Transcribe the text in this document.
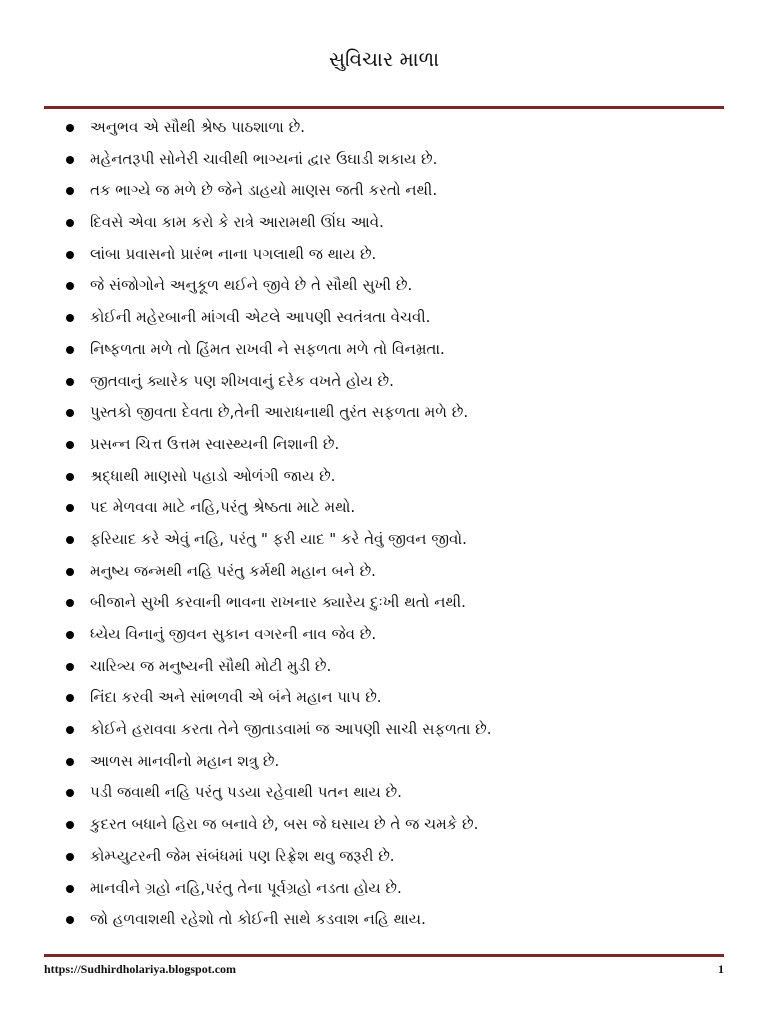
સુવિચાર માળા
અનુભવ એ સૌથી શ્રેષ્ઠ પાઠશાળા છે.
મહેનતરૂપી સોનેરી ચાવીથી ભાગ્યનાં દ્વાર ઉઘાડી શકાય છે.
તક ભાગ્યે જ મળે છે જેને ડાહયો માણસ જતી કરતો નથી.
દિવસે એવા કામ કરો કે રાત્રે આરામથી ઊંઘ આવે.
લાંબા પ્રવાસનો પ્રારંભ નાના પગલાથી જ થાય છે.
જે સંજોગોને અનુકૂળ થઈને જીવે છે તે સૌથી સુખી છે.
કોઈની મહેરબાની માંગવી એટલે આપણી સ્વતંત્રતા વેચવી.
નિષ્ફળતા મળે તો હિંમત રાખવી ને સફળતા મળે તો વિનમ્રતા.
જીતવાનું ક્યારેક પણ શીખવાનું દરેક વખતે હોય છે.
પુસ્તકો જીવતા દેવતા છે,તેની આરાધનાથી તુરંત સફળતા મળે છે.
પ્રસન્ન ચિત્ત ઉત્તમ સ્વાસ્થ્યની નિશાની છે.
શ્રદ્ધાથી માણસો પહાડો ઓળંગી જાય છે.
પદ મેળવવા માટે નહિ,પરંતુ શ્રેષ્ઠતા માટે મથો.
ફરિયાદ કરે એવું નહિ, પરંતુ " ફરી યાદ " કરે તેવું જીવન જીવો.
મનુષ્ય જન્મથી નહિ પરંતુ કર્મથી મહાન બને છે.
બીજાને સુખી કરવાની ભાવના રાખનાર ક્યારેય દુઃખી થતો નથી.
ધ્યેય વિનાનું જીવન સુકાન વગરની નાવ જેવ છે.
ચારિત્ર્ય જ મનુષ્યની સૌથી મોટી મુડી છે.
નિંદા કરવી અને સાંભળવી એ બંને મહાન પાપ છે.
કોઈને હરાવવા કરતા તેને જીતાડવામાં જ આપણી સાચી સફળતા છે.
આળસ માનવીનો મહાન શત્રુ છે.
પડી જવાથી નહિ પરંતુ પડયા રહેવાથી પતન થાય છે.
કુદરત બધાને હિરા જ બનાવે છે, બસ જે ઘસાય છે તે જ ચમકે છે.
કોમ્પ્યુટરની જેમ સંબંધમાં પણ રિફ્રેશ થવુ જરૂરી છે.
માનવીને ગ્રહો નહિ,પરંતુ તેના પૂર્વગ્રહો નડતા હોય છે.
જો હળવાશથી રહેશો તો કોઈની સાથે કડવાશ નહિ થાય.
https://Sudhirdholariya.blogspot.com	1
